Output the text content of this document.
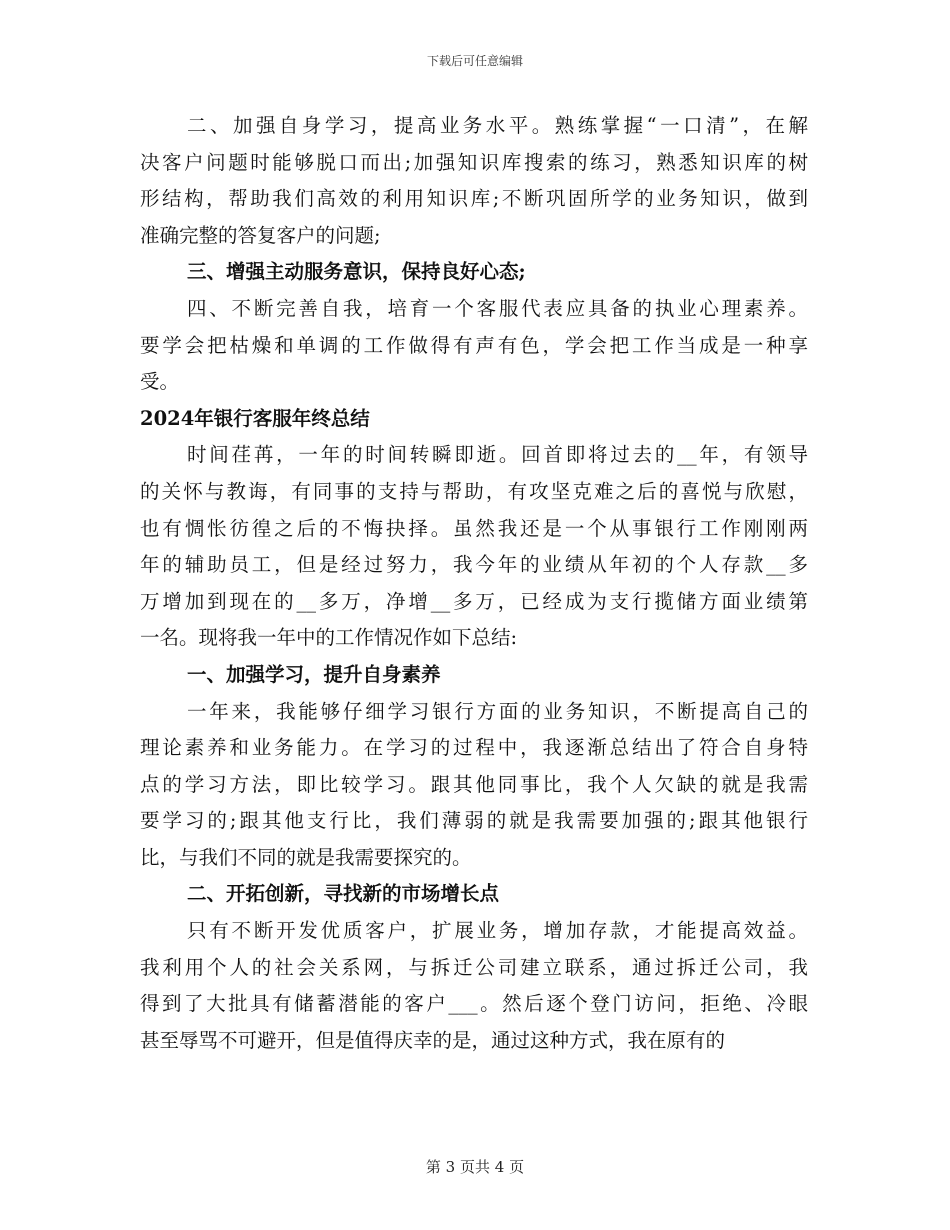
下载后可任意编辑
二、加强自身学习，提高业务水平。熟练掌握“一口清”，在解
决客户问题时能够脱口而出;加强知识库搜索的练习，熟悉知识库的树
形结构，帮助我们高效的利用知识库;不断巩固所学的业务知识，做到
准确完整的答复客户的问题;
三、增强主动服务意识，保持良好心态;
四、不断完善自我，培育一个客服代表应具备的执业心理素养。
要学会把枯燥和单调的工作做得有声有色，学会把工作当成是一种享
受。
2024年银行客服年终总结
时间荏苒，一年的时间转瞬即逝。回首即将过去的__年，有领导
的关怀与教诲，有同事的支持与帮助，有攻坚克难之后的喜悦与欣慰，
也有惆怅彷徨之后的不悔抉择。虽然我还是一个从事银行工作刚刚两
年的辅助员工，但是经过努力，我今年的业绩从年初的个人存款__多
万增加到现在的__多万，净增__多万，已经成为支行揽储方面业绩第
一名。现将我一年中的工作情况作如下总结:
一、加强学习，提升自身素养
一年来，我能够仔细学习银行方面的业务知识，不断提高自己的
理论素养和业务能力。在学习的过程中，我逐渐总结出了符合自身特
点的学习方法，即比较学习。跟其他同事比，我个人欠缺的就是我需
要学习的;跟其他支行比，我们薄弱的就是我需要加强的;跟其他银行
比，与我们不同的就是我需要探究的。
二、开拓创新，寻找新的市场增长点
只有不断开发优质客户，扩展业务，增加存款，才能提高效益。
我利用个人的社会关系网，与拆迁公司建立联系，通过拆迁公司，我
得到了大批具有储蓄潜能的客户___。然后逐个登门访问，拒绝、冷眼
甚至辱骂不可避开，但是值得庆幸的是，通过这种方式，我在原有的
第 3 页共 4 页
